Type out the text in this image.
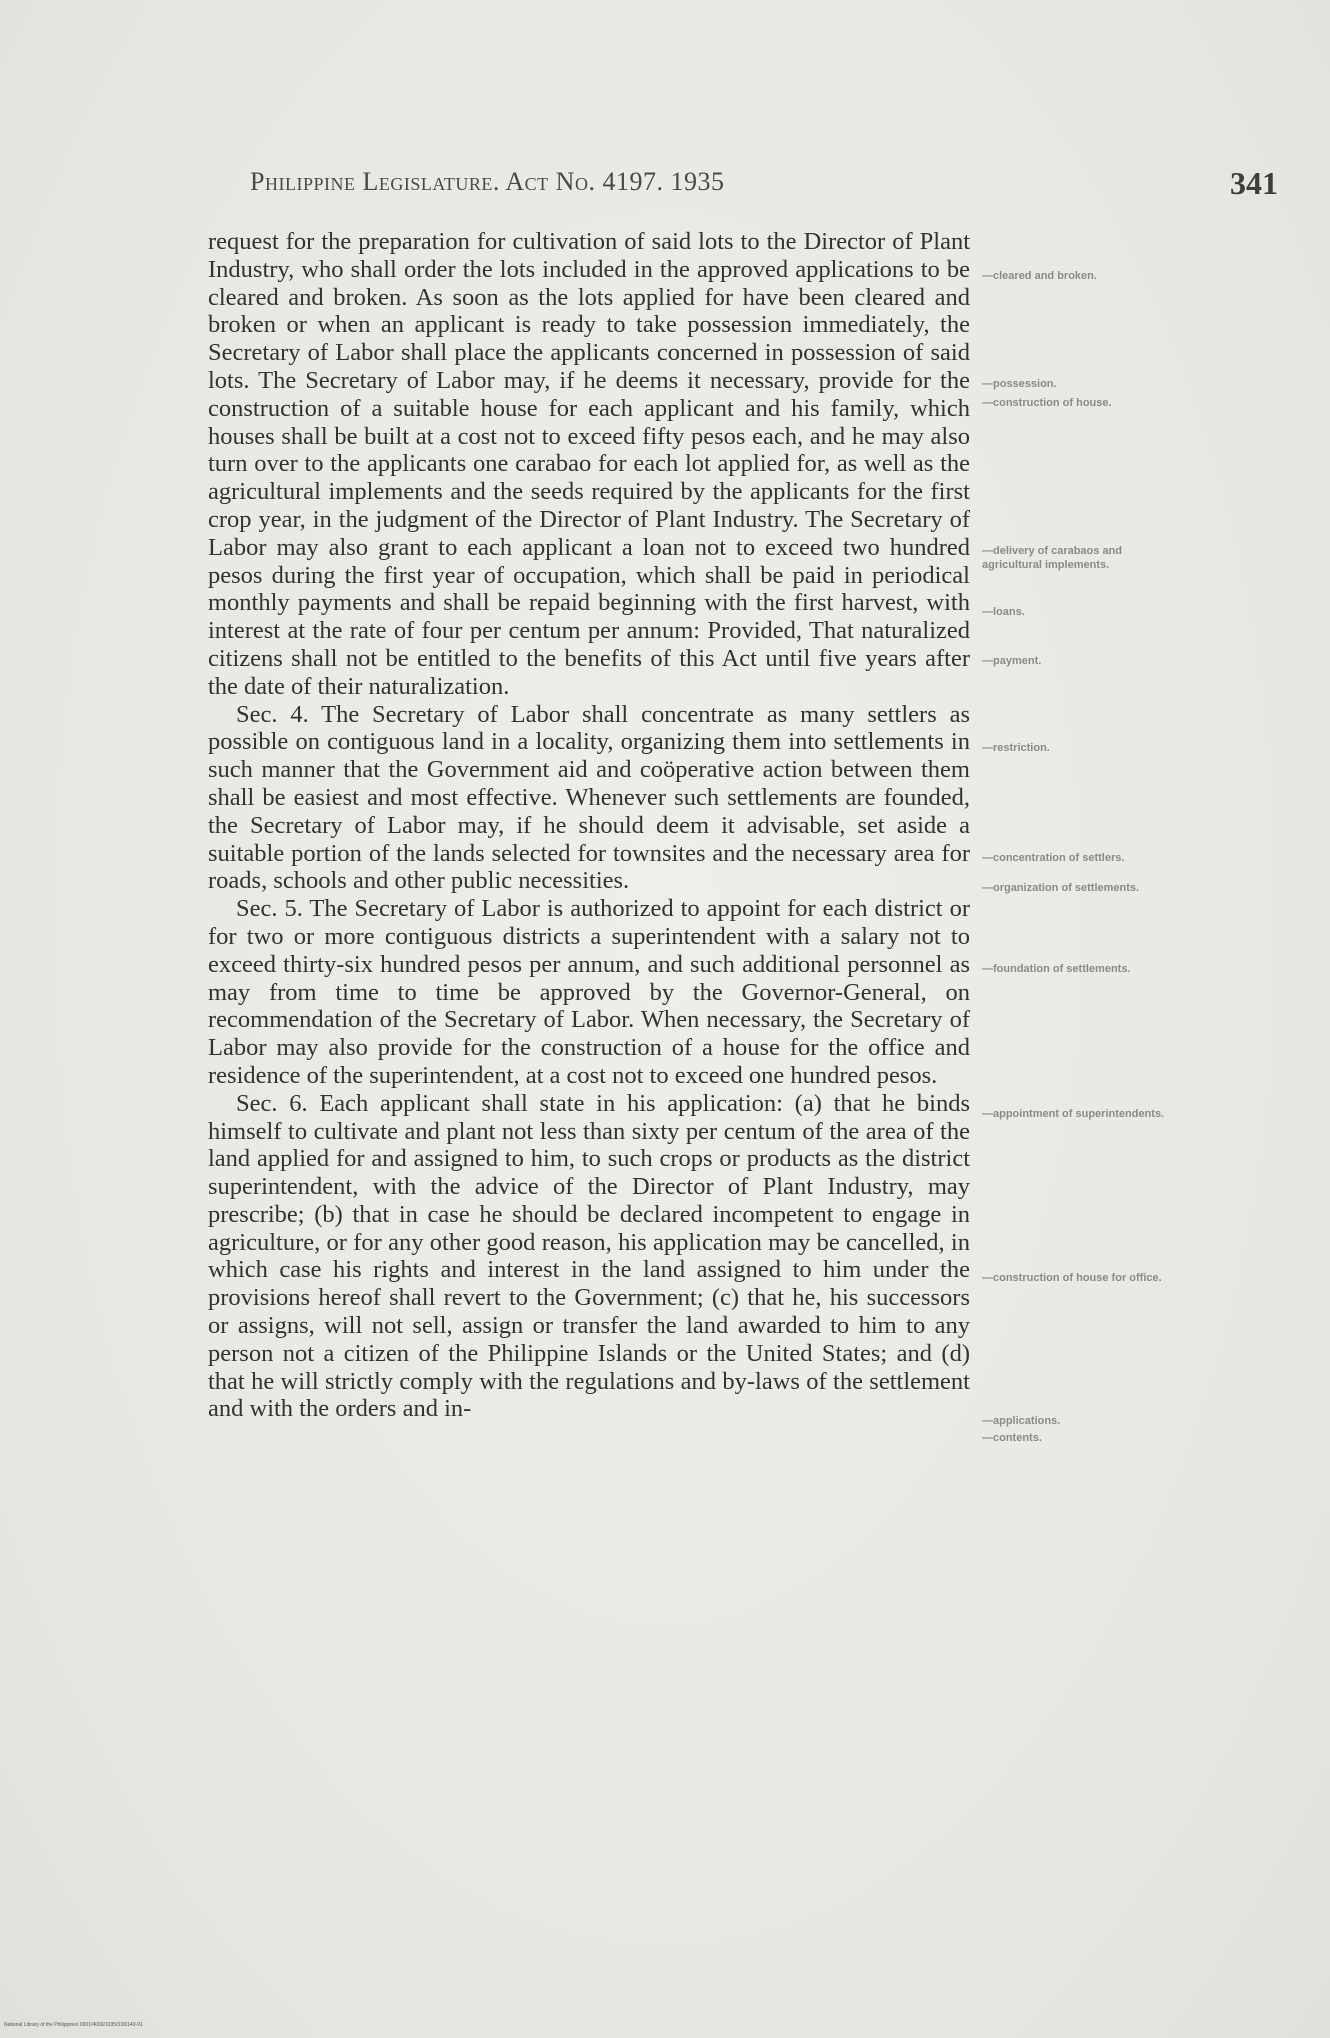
Philippine Legislature. Act No. 4197. 1935	341

request for the preparation for cultivation of said lots to the Director of Plant Industry, who shall order the lots included in the approved applications to be cleared and broken. As soon as the lots applied for have been cleared and broken or when an applicant is ready to take possession immediately, the Secretary of Labor shall place the applicants concerned in possession of said lots. The Secretary of Labor may, if he deems it necessary, provide for the construction of a suitable house for each applicant and his family, which houses shall be built at a cost not to exceed fifty pesos each, and he may also turn over to the applicants one carabao for each lot applied for, as well as the agricultural implements and the seeds required by the applicants for the first crop year, in the judgment of the Director of Plant Industry. The Secretary of Labor may also grant to each applicant a loan not to exceed two hundred pesos during the first year of occupation, which shall be paid in periodical monthly payments and shall be repaid beginning with the first harvest, with interest at the rate of four per centum per annum: Provided, That naturalized citizens shall not be entitled to the benefits of this Act until five years after the date of their naturalization.

Sec. 4. The Secretary of Labor shall concentrate as many settlers as possible on contiguous land in a locality, organizing them into settlements in such manner that the Government aid and coöperative action between them shall be easiest and most effective. Whenever such settlements are founded, the Secretary of Labor may, if he should deem it advisable, set aside a suitable portion of the lands selected for townsites and the necessary area for roads, schools and other public necessities.

Sec. 5. The Secretary of Labor is authorized to appoint for each district or for two or more contiguous districts a superintendent with a salary not to exceed thirty-six hundred pesos per annum, and such additional personnel as may from time to time be approved by the Governor-General, on recommendation of the Secretary of Labor. When necessary, the Secretary of Labor may also provide for the construction of a house for the office and residence of the superintendent, at a cost not to exceed one hundred pesos.

Sec. 6. Each applicant shall state in his application: (a) that he binds himself to cultivate and plant not less than sixty per centum of the area of the land applied for and assigned to him, to such crops or products as the district superintendent, with the advice of the Director of Plant Industry, may prescribe; (b) that in case he should be declared incompetent to engage in agriculture, or for any other good reason, his application may be cancelled, in which case his rights and interest in the land assigned to him under the provisions hereof shall revert to the Government; (c) that he, his successors or assigns, will not sell, assign or transfer the land awarded to him to any person not a citizen of the Philippine Islands or the United States; and (d) that he will strictly comply with the regulations and by-laws of the settlement and with the orders and in-

—cleared and broken.
—possession.
—construction of house.
—delivery of carabaos and agricultural implements.
—loans.
—payment.
—restriction.
—concentration of settlers.
—organization of settlements.
—foundation of settlements.
—appointment of superintendents.
—construction of house for office.
—applications.
—contents.
National Library of the Philippines 0001/4000/1035/33/0140-91
